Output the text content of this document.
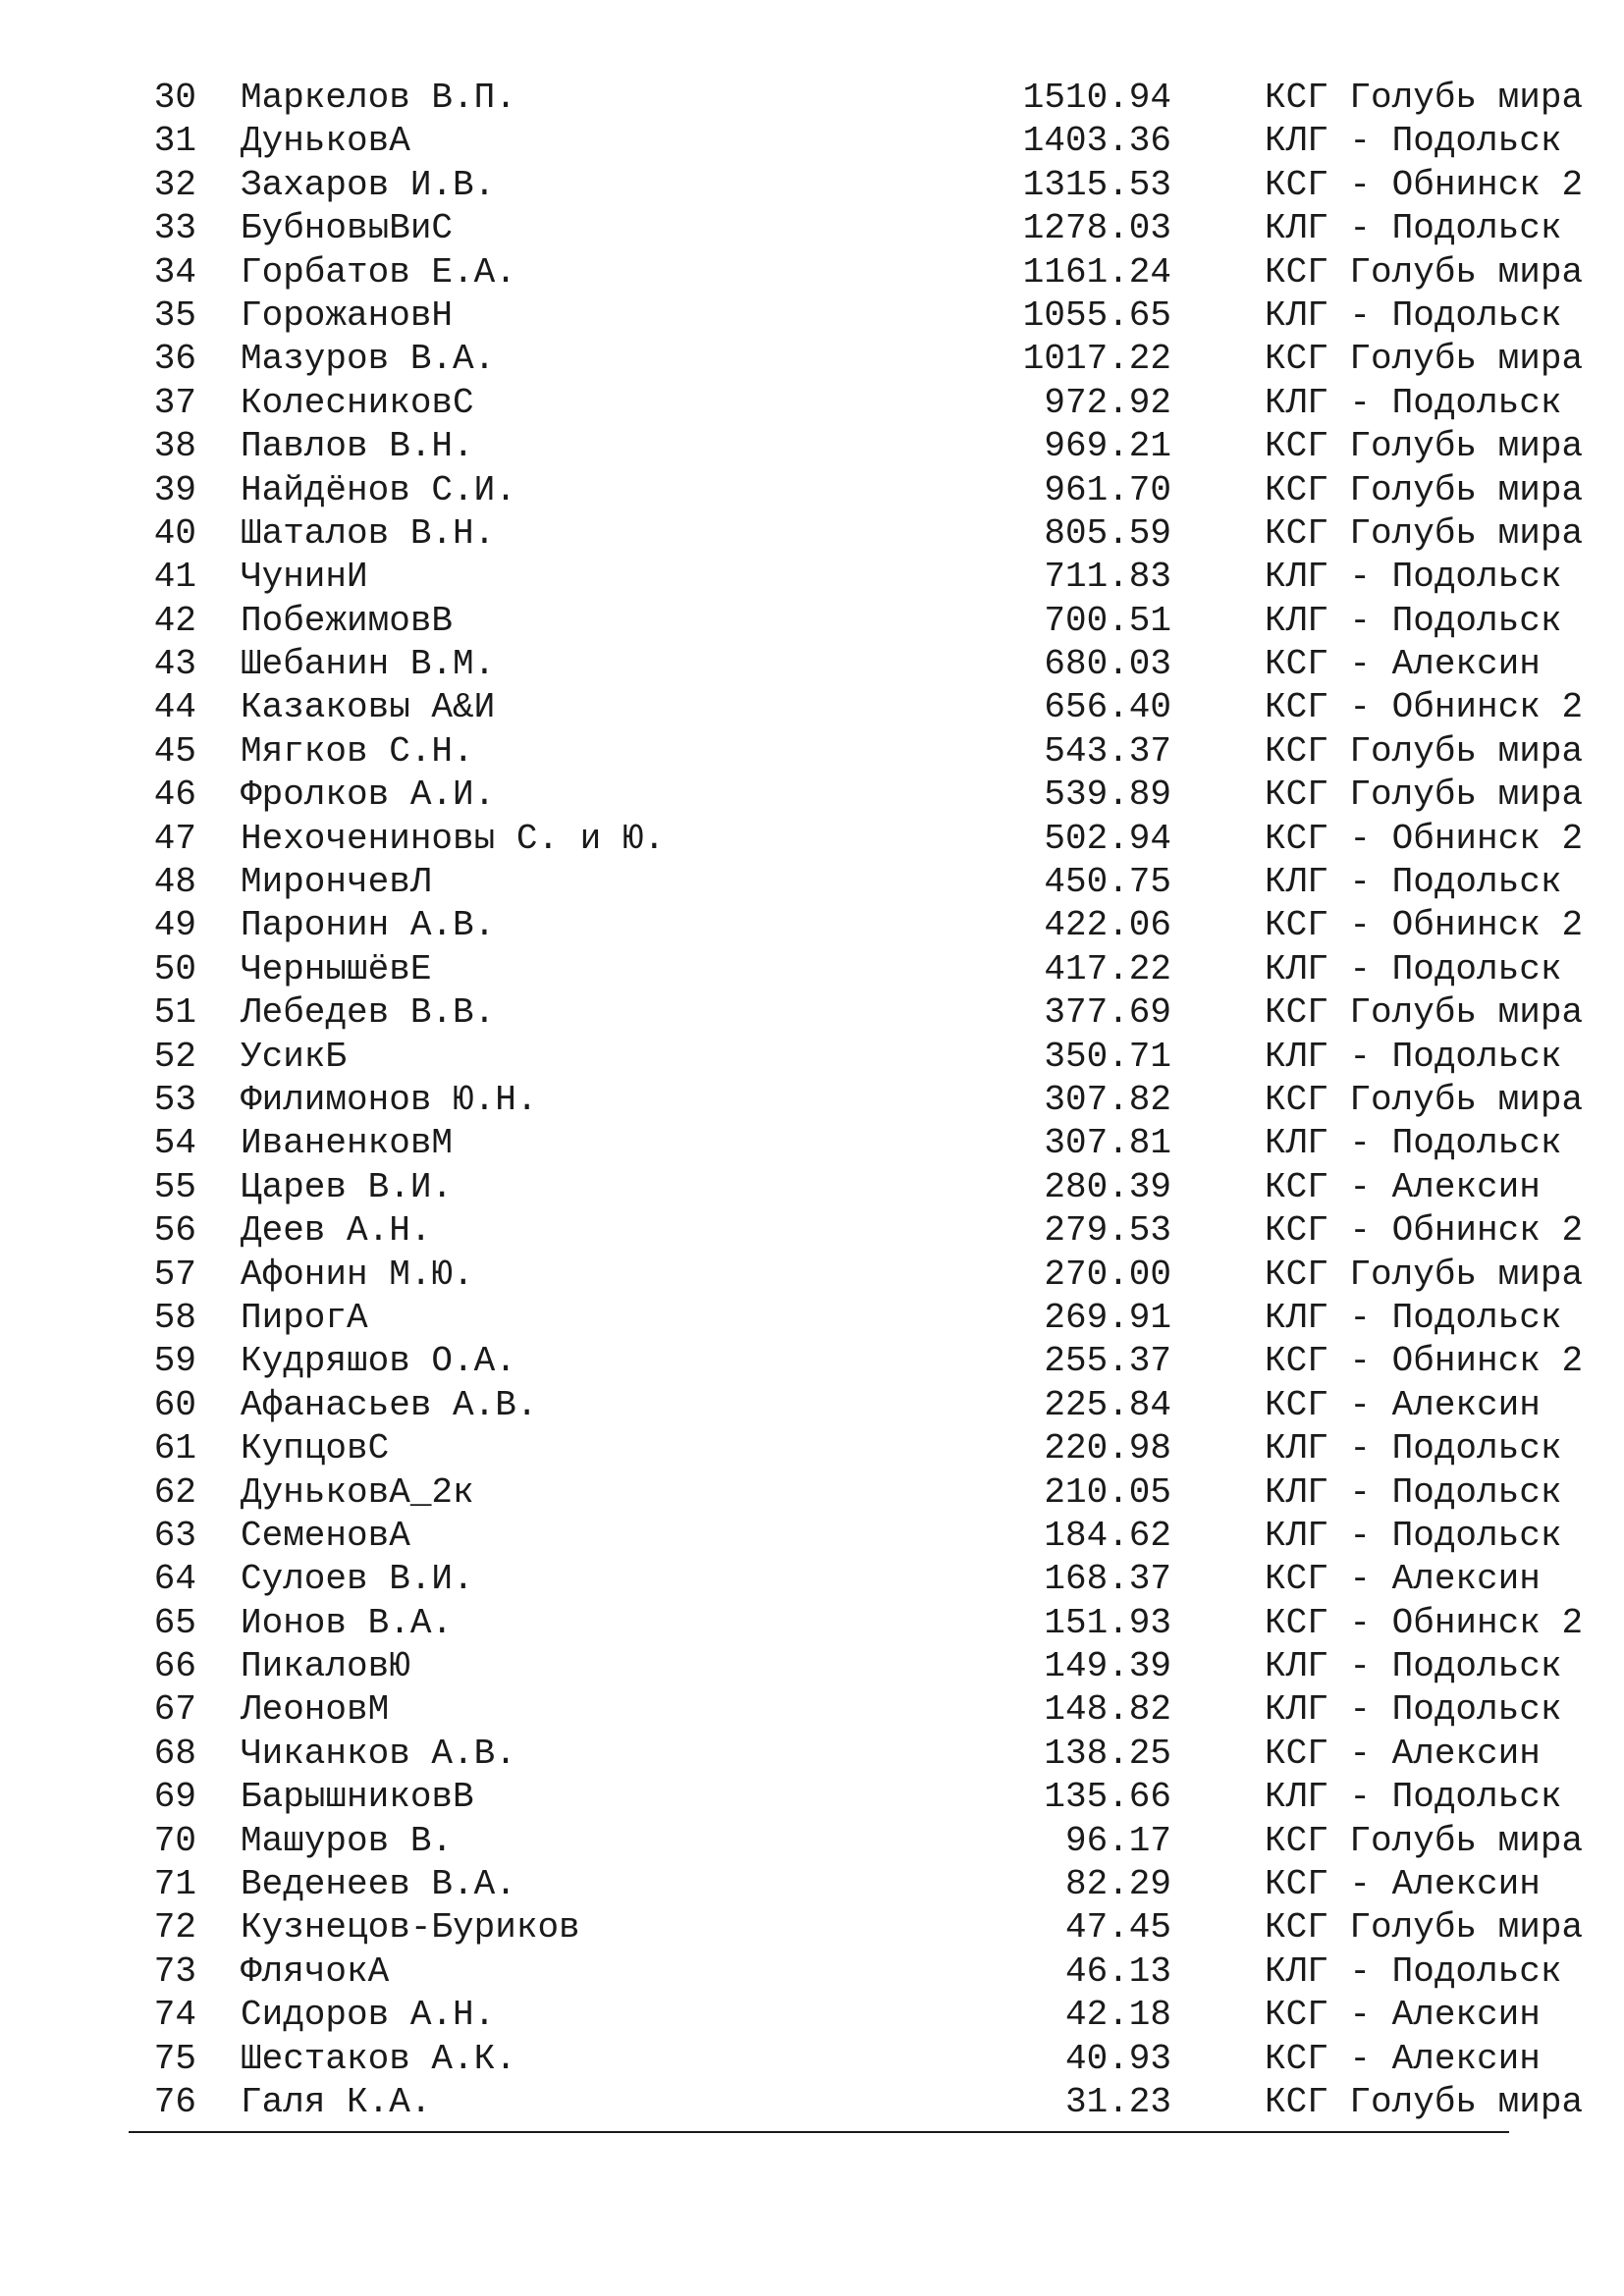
30 Маркелов В.П.	1510.94	КСГ Голубь мира
31 ДуньковА	1403.36	КЛГ - Подольск
32 Захаров И.В.	1315.53	КСГ - Обнинск 2
33 БубновыВиС	1278.03	КЛГ - Подольск
34 Горбатов Е.А.	1161.24	КСГ Голубь мира
35 ГорожановН	1055.65	КЛГ - Подольск
36 Мазуров В.А.	1017.22	КСГ Голубь мира
37 КолесниковС	972.92	КЛГ - Подольск
38 Павлов В.Н.	969.21	КСГ Голубь мира
39 Найдёнов С.И.	961.70	КСГ Голубь мира
40 Шаталов В.Н.	805.59	КСГ Голубь мира
41 ЧунинИ	711.83	КЛГ - Подольск
42 ПобежимовВ	700.51	КЛГ - Подольск
43 Шебанин В.М.	680.03	КСГ - Алексин
44 Казаковы А&И	656.40	КСГ - Обнинск 2
45 Мягков С.Н.	543.37	КСГ Голубь мира
46 Фролков А.И.	539.89	КСГ Голубь мира
47 Нехочениновы С. и Ю.	502.94	КСГ - Обнинск 2
48 МирончевЛ	450.75	КЛГ - Подольск
49 Паронин А.В.	422.06	КСГ - Обнинск 2
50 ЧернышёвЕ	417.22	КЛГ - Подольск
51 Лебедев В.В.	377.69	КСГ Голубь мира
52 УсикБ	350.71	КЛГ - Подольск
53 Филимонов Ю.Н.	307.82	КСГ Голубь мира
54 ИваненковМ	307.81	КЛГ - Подольск
55 Царев В.И.	280.39	КСГ - Алексин
56 Деев А.Н.	279.53	КСГ - Обнинск 2
57 Афонин М.Ю.	270.00	КСГ Голубь мира
58 ПирогА	269.91	КЛГ - Подольск
59 Кудряшов О.А.	255.37	КСГ - Обнинск 2
60 Афанасьев А.В.	225.84	КСГ - Алексин
61 КупцовС	220.98	КЛГ - Подольск
62 ДуньковА_2к	210.05	КЛГ - Подольск
63 СеменовА	184.62	КЛГ - Подольск
64 Сулоев В.И.	168.37	КСГ - Алексин
65 Ионов В.А.	151.93	КСГ - Обнинск 2
66 ПикаловЮ	149.39	КЛГ - Подольск
67 ЛеоновМ	148.82	КЛГ - Подольск
68 Чиканков А.В.	138.25	КСГ - Алексин
69 БарышниковВ	135.66	КЛГ - Подольск
70 Машуров В.	96.17	КСГ Голубь мира
71 Веденеев В.А.	82.29	КСГ - Алексин
72 Кузнецов-Буриков	47.45	КСГ Голубь мира
73 ФлячокА	46.13	КЛГ - Подольск
74 Сидоров А.Н.	42.18	КСГ - Алексин
75 Шестаков А.К.	40.93	КСГ - Алексин
76 Галя К.А.	31.23	КСГ Голубь мира
